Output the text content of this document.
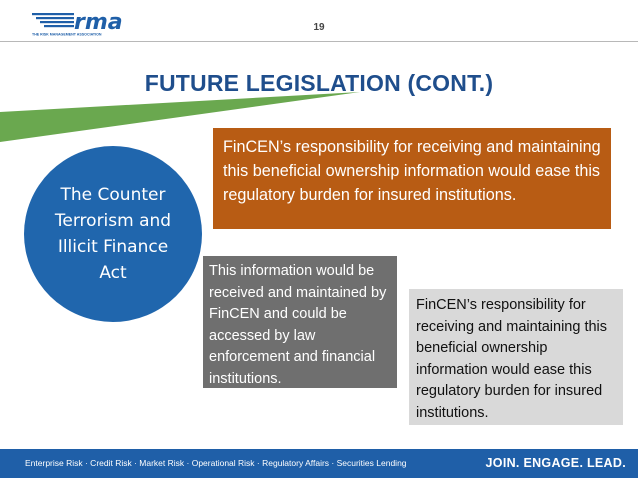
rma
THE RISK MANAGEMENT ASSOCIATION
19
FUTURE LEGISLATION (CONT.)
The Counter Terrorism and Illicit Finance Act
FinCEN’s responsibility for receiving and maintaining this beneficial ownership information would ease this regulatory burden for insured institutions.
This information would be received and maintained by FinCEN and could be accessed by law enforcement and financial institutions.
FinCEN’s responsibility for receiving and maintaining this beneficial ownership information would ease this regulatory burden for insured institutions.
Enterprise Risk · Credit Risk · Market Risk · Operational Risk · Regulatory Affairs · Securities Lending	JOIN. ENGAGE. LEAD.
